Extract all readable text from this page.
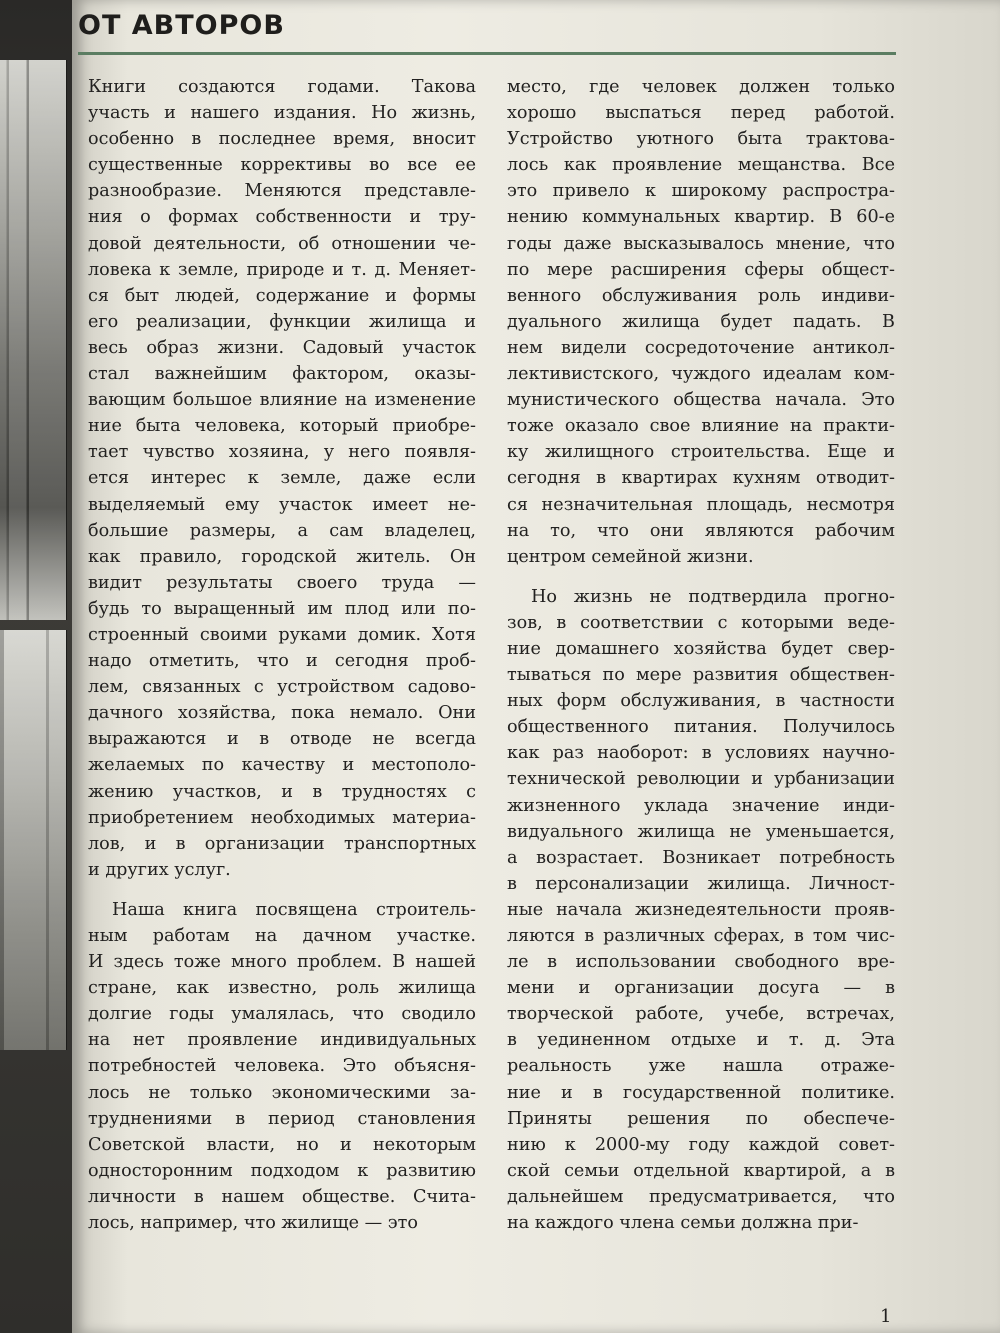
ОТ АВТОРОВ
Книги создаются годами. Такова
участь и нашего издания. Но жизнь,
особенно в последнее время, вносит
существенные коррективы во все ее
разнообразие. Меняются представле-
ния о формах собственности и тру-
довой деятельности, об отношении че-
ловека к земле, природе и т. д. Меняет-
ся быт людей, содержание и формы
его реализации, функции жилища и
весь образ жизни. Садовый участок
стал важнейшим фактором, оказы-
вающим большое влияние на изменение
ние быта человека, который приобре-
тает чувство хозяина, у него появля-
ется интерес к земле, даже если
выделяемый ему участок имеет не-
большие размеры, а сам владелец,
как правило, городской житель. Он
видит результаты своего труда —
будь то выращенный им плод или по-
строенный своими руками домик. Хотя
надо отметить, что и сегодня проб-
лем, связанных с устройством садово-
дачного хозяйства, пока немало. Они
выражаются и в отводе не всегда
желаемых по качеству и местополо-
жению участков, и в трудностях с
приобретением необходимых материа-
лов, и в организации транспортных
и других услуг.
Наша книга посвящена строитель-
ным работам на дачном участке.
И здесь тоже много проблем. В нашей
стране, как известно, роль жилища
долгие годы умалялась, что сводило
на нет проявление индивидуальных
потребностей человека. Это объясня-
лось не только экономическими за-
труднениями в период становления
Советской власти, но и некоторым
односторонним подходом к развитию
личности в нашем обществе. Счита-
лось, например, что жилище — это
место, где человек должен только
хорошо выспаться перед работой.
Устройство уютного быта трактова-
лось как проявление мещанства. Все
это привело к широкому распростра-
нению коммунальных квартир. В 60-е
годы даже высказывалось мнение, что
по мере расширения сферы общест-
венного обслуживания роль индиви-
дуального жилища будет падать. В
нем видели сосредоточение антикол-
лективистского, чуждого идеалам ком-
мунистического общества начала. Это
тоже оказало свое влияние на практи-
ку жилищного строительства. Еще и
сегодня в квартирах кухням отводит-
ся незначительная площадь, несмотря
на то, что они являются рабочим
центром семейной жизни.
Но жизнь не подтвердила прогно-
зов, в соответствии с которыми веде-
ние домашнего хозяйства будет свер-
тываться по мере развития обществен-
ных форм обслуживания, в частности
общественного питания. Получилось
как раз наоборот: в условиях научно-
технической революции и урбанизации
жизненного уклада значение инди-
видуального жилища не уменьшается,
а возрастает. Возникает потребность
в персонализации жилища. Личност-
ные начала жизнедеятельности прояв-
ляются в различных сферах, в том чис-
ле в использовании свободного вре-
мени и организации досуга — в
творческой работе, учебе, встречах,
в уединенном отдыхе и т. д. Эта
реальность уже нашла отраже-
ние и в государственной политике.
Приняты решения по обеспече-
нию к 2000-му году каждой совет-
ской семьи отдельной квартирой, а в
дальнейшем предусматривается, что
на каждого члена семьи должна при-
1
